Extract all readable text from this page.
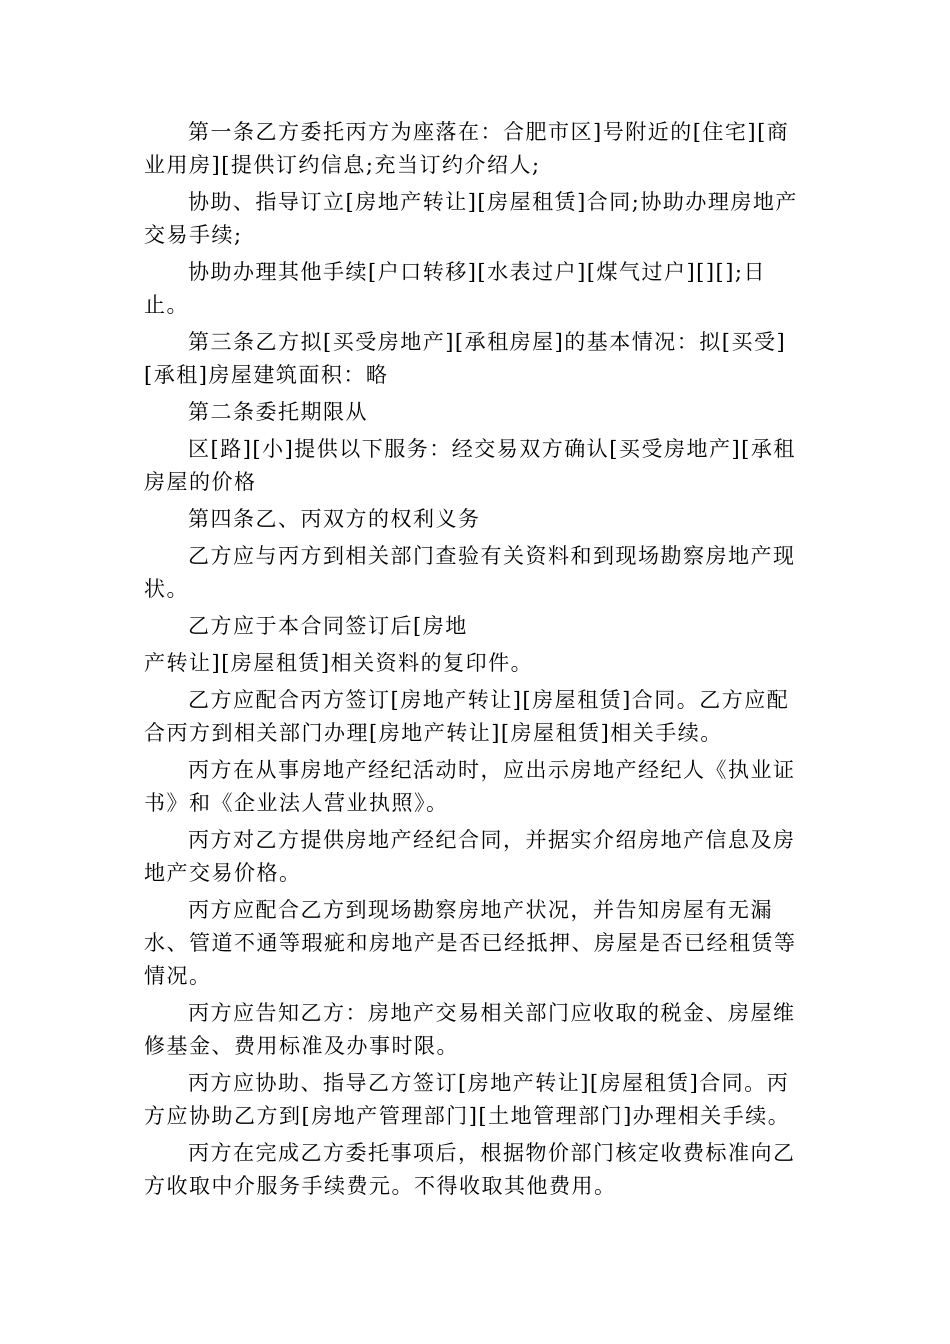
第一条乙方委托丙方为座落在：合肥市区]号附近的[住宅][商业用房][提供订约信息;充当订约介绍人;

协助、指导订立[房地产转让][房屋租赁]合同;协助办理房地产交易手续;

协助办理其他手续[户口转移][水表过户][煤气过户][][];日止。

第三条乙方拟[买受房地产][承租房屋]的基本情况：拟[买受][承租]房屋建筑面积：略

第二条委托期限从

区[路][小]提供以下服务：经交易双方确认[买受房地产][承租房屋的价格

第四条乙、丙双方的权利义务

乙方应与丙方到相关部门查验有关资料和到现场勘察房地产现状。

乙方应于本合同签订后[房地

产转让][房屋租赁]相关资料的复印件。

乙方应配合丙方签订[房地产转让][房屋租赁]合同。乙方应配合丙方到相关部门办理[房地产转让][房屋租赁]相关手续。

丙方在从事房地产经纪活动时，应出示房地产经纪人《执业证书》和《企业法人营业执照》。

丙方对乙方提供房地产经纪合同，并据实介绍房地产信息及房地产交易价格。

丙方应配合乙方到现场勘察房地产状况，并告知房屋有无漏水、管道不通等瑕疵和房地产是否已经抵押、房屋是否已经租赁等情况。

丙方应告知乙方：房地产交易相关部门应收取的税金、房屋维修基金、费用标准及办事时限。

丙方应协助、指导乙方签订[房地产转让][房屋租赁]合同。丙方应协助乙方到[房地产管理部门][土地管理部门]办理相关手续。

丙方在完成乙方委托事项后，根据物价部门核定收费标准向乙方收取中介服务手续费元。不得收取其他费用。
